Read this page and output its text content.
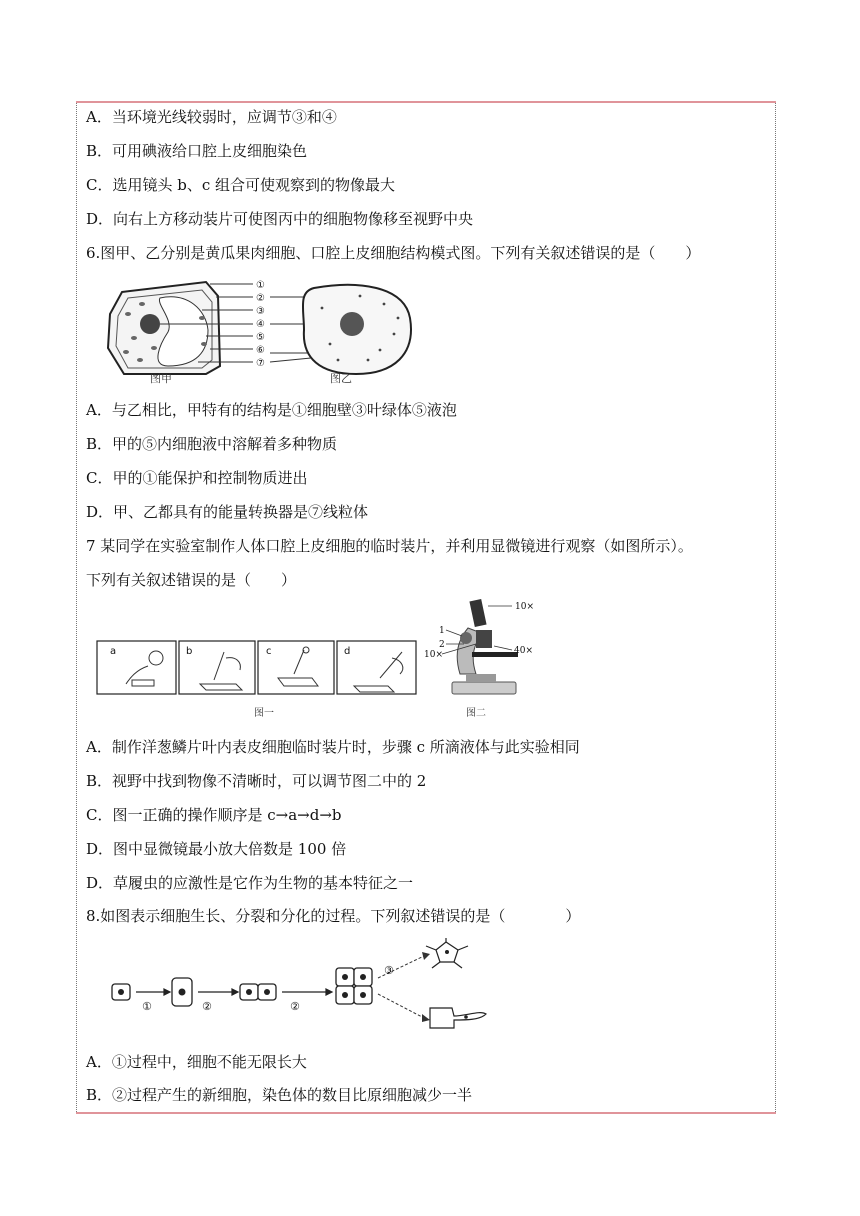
A．当环境光线较弱时，应调节③和④
B．可用碘液给口腔上皮细胞染色
C．选用镜头 b、c 组合可使观察到的物像最大
D．向右上方移动装片可使图丙中的细胞物像移至视野中央
6.图甲、乙分别是黄瓜果肉细胞、口腔上皮细胞结构模式图。下列有关叙述错误的是（　　）
①
②
③
④
⑤
⑥
⑦
图甲	图乙
A．与乙相比，甲特有的结构是①细胞壁③叶绿体⑤液泡
B．甲的⑤内细胞液中溶解着多种物质
C．甲的①能保护和控制物质进出
D．甲、乙都具有的能量转换器是⑦线粒体
7 某同学在实验室制作人体口腔上皮细胞的临时装片，并利用显微镜进行观察（如图所示）。
下列有关叙述错误的是（　　）
a	b	c	d
10×
1
2
10×	40×
图一	图二
A．制作洋葱鳞片叶内表皮细胞临时装片时，步骤 c 所滴液体与此实验相同
B．视野中找到物像不清晰时，可以调节图二中的 2
C．图一正确的操作顺序是 c→a→d→b
D．图中显微镜最小放大倍数是 100 倍
D．草履虫的应激性是它作为生物的基本特征之一
8.如图表示细胞生长、分裂和分化的过程。下列叙述错误的是（　　　　）
①	②	②
③
A．①过程中，细胞不能无限长大
B．②过程产生的新细胞，染色体的数目比原细胞减少一半
